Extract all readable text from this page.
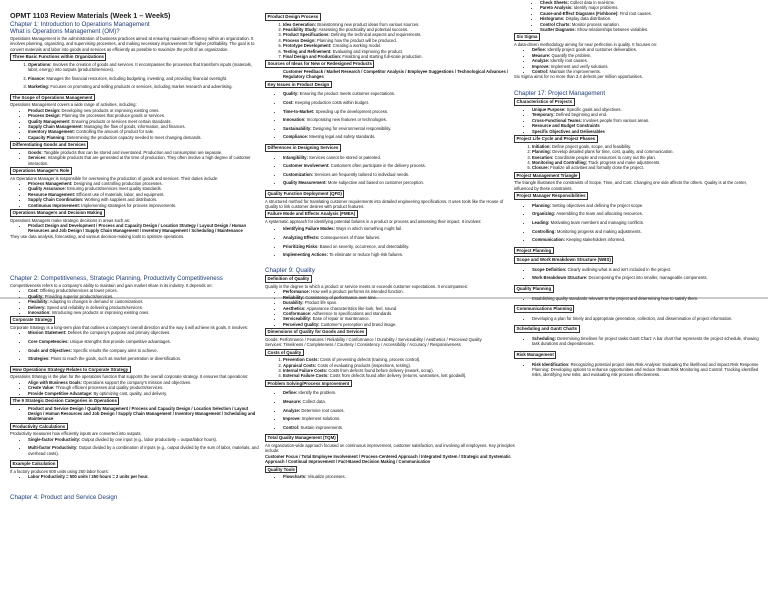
OPMT 1103 Review Materials (Week 1 – Week5)

Chapter 1: Introduction to Operations Management

What is Operations Management (OM)?

Operations Management is the administration of business practices aimed at ensuring maximum efficiency within an organization. It involves planning, organizing, and supervising processes, and making necessary improvements for higher profitability. The goal is to convert materials and labor into goods and services as efficiently as possible to maximize the profit of an organization.

Three Basic Functions within Organizations
1. Operations: Involves the creation of goods and services. It encompasses the processes that transform inputs (materials, labor, energy) into outputs (products/services).
2. Finance: Manages the financial resources, including budgeting, investing, and providing financial oversight.
3. Marketing: Focuses on promoting and selling products or services, including market research and advertising.
The Scope of Operations Management

Operations Management covers a wide range of activities, including:

• Product Design: Developing new products or improving existing ones.
• Process Design: Planning the processes that produce goods or services.
• Quality Management: Ensuring products or services meet certain standards.
• Supply Chain Management: Managing the flow of goods, information, and finances.
• Inventory Management: Controlling the amount of product for sale.
• Capacity Planning: Determining the production capacity needed to meet changing demands.
Differentiating Goods and Services
• Goods: Tangible products that can be stored and inventoried. Production and consumption are separate.
• Services: Intangible products that are generated at the time of production. They often involve a high degree of customer interaction.
Operations Manager’s Role

An Operations Manager is responsible for overseeing the production of goods and services. Their duties include:

• Process Management: Designing and controlling production processes.
• Quality Assurance: Ensuring products/services meet quality standards.
• Resource Management: Efficient use of materials, labor, and equipment.
• Supply Chain Coordination: Working with suppliers and distributors.
• Continuous Improvement: Implementing strategies for process improvements.
Operations Managers and Decision Making

Operations Managers make strategic decisions in areas such as:

• Product Design and Development / Process and Capacity Design / Location Strategy / Layout Design / Human Resources and Job Design / Supply Chain Management / Inventory Management / Scheduling / Maintenance

They use data analysis, forecasting, and various decision-making tools to optimize operations.

Chapter 2: Competitiveness, Strategic Planning, Productivity Competitiveness

Competitiveness refers to a company’s ability to maintain and gain market share in its industry. It depends on:

• Cost: Offering products/services at lower prices.
• Quality: Providing superior products/services.
• Flexibility: Adapting to changes in demand or customizations.
• Delivery: Speed and reliability in delivering products/services.
• Innovation: Introducing new products or improving existing ones.
Corporate Strategy

Corporate Strategy is a long-term plan that outlines a company’s overall direction and the way it will achieve its goals. It involves:

• Mission Statement: Defines the company’s purpose and primary objectives.
• Core Competencies: Unique strengths that provide competitive advantages.
• Goals and Objectives: Specific results the company aims to achieve.
• Strategies: Plans to reach the goals, such as market penetration or diversification.
How Operations Strategy Relates to Corporate Strategy

Operations Strategy is the plan for the operations function that supports the overall corporate strategy. It ensures that operations:

• Align with Business Goals: Operations support the company’s mission and objectives.
• Create Value: Through efficient processes and quality products/services.
• Provide Competitive Advantage: By optimizing cost, quality, and delivery.
The 9 Strategic Decision Categories in Operations
• Product and Service Design / Quality Management / Process and Capacity Design / Location Selection / Layout Design / Human Resources and Job Design / Supply Chain Management / Inventory Management / Scheduling and Maintenance
Productivity Calculations

Productivity measures how efficiently inputs are converted into outputs.

• Single-factor Productivity: Output divided by one input (e.g., labor productivity = output/labor hours).
• Multi-factor Productivity: Output divided by a combination of inputs (e.g., output divided by the sum of labor, materials, and overhead costs).
Example Calculation

If a factory produces 500 units using 250 labor hours:

• Labor Productivity = 500 units / 250 hours = 2 units per hour.

Chapter 4: Product and Service Design

Product Design Process
1. Idea Generation: Brainstorming new product ideas from various sources.
2. Feasibility Study: Assessing the practicality and potential success.
3. Product Specifications: Defining the technical aspects and requirements.
4. Process Design: Planning how the product will be produced.
5. Prototype Development: Creating a working model.
6. Testing and Refinement: Evaluating and improving the product.
7. Final Design and Production: Finalizing and starting full-scale production.
Sources of Ideas for New or Redesigned Products

Customer Feedback / Market Research / Competitor Analysis / Employee Suggestions / Technological Advances / Regulatory Changes

Key Issues in Product Design
• Quality: Ensuring the product meets customer expectations.
• Cost: Keeping production costs within budget.
• Time-to-Market: Speeding up the development process.
• Innovation: Incorporating new features or technologies.
• Sustainability: Designing for environmental responsibility.
• Compliance: Meeting legal and safety standards.
Differences in Designing Services
• Intangibility: Services cannot be stored or patented.
• Customer Involvement: Customers often participate in the delivery process.
• Customization: Services are frequently tailored to individual needs.
• Quality Measurement: More subjective and based on customer perception.
Quality Function Deployment (QFD)

A structured method for translating customer requirements into detailed engineering specifications. It uses tools like the House of Quality to link customer desires with product features.

Failure Mode and Effects Analysis (FMEA)

A systematic approach for identifying potential failures in a product or process and assessing their impact. It involves:

• Identifying Failure Modes: Ways in which something might fail.
• Analyzing Effects: Consequences of those failures.
• Prioritizing Risks: Based on severity, occurrence, and detectability.
• Implementing Actions: To eliminate or reduce high-risk failures.

Chapter 9: Quality

Definition of Quality

Quality is the degree to which a product or service meets or exceeds customer expectations. It encompasses:

• Performance: How well a product performs its intended function.
• Reliability: Consistency of performance over time.
• Durability: Product life span.
• Aesthetics: Appearance characteristics like look, feel, sound.
• Conformance: Adherence to specifications and standards.
• Serviceability: Ease of repair or maintenance.
• Perceived Quality: Customer’s perception and brand image.
Dimensions of Quality for Goods and Services

Goods: Performance / Features / Reliability / Conformance / Durability / Serviceability / Aesthetics / Perceived Quality

Services: Timeliness / Completeness / Courtesy / Consistency / Accessibility / Accuracy / Responsiveness

Costs of Quality
1. Prevention Costs: Costs of preventing defects (training, process control).
2. Appraisal Costs: Costs of evaluating products (inspections, testing).
3. Internal Failure Costs: Costs from defects found before delivery (rework, scrap).
4. External Failure Costs: Costs from defects found after delivery (returns, warranties, lost goodwill).
Problem Solving/Process Improvement
• Define: Identify the problem.
• Measure: Collect data.
• Analyze: Determine root causes.
• Improve: Implement solutions.
• Control: Sustain improvements.
Total Quality Management (TQM)

An organization-wide approach focused on continuous improvement, customer satisfaction, and involving all employees. Key principles include:

Customer Focus / Total Employee Involvement / Process-Centered Approach / Integrated System / Strategic and Systematic Approach / Continual Improvement / Fact-Based Decision Making / Communication

Quality Tools
• Flowcharts: Visualize processes.
• Check Sheets: Collect data in real-time.
• Pareto Analysis: Identify major problems.
• Cause-and-Effect Diagrams (Fishbone): Find root causes.
• Histograms: Display data distribution.
• Control Charts: Monitor process variation.
• Scatter Diagrams: Show relationships between variables.
Six Sigma

A data-driven methodology aiming for near perfection in quality. It focuses on:

• Define: Identify project goals and customer deliverables.
• Measure: Quantify the problem.
• Analyze: Identify root causes.
• Improve: Implement and verify solutions.
• Control: Maintain the improvements.

Six Sigma aims for no more than 3.4 defects per million opportunities.

Chapter 17: Project Management

Characteristics of Projects
• Unique Purpose: Specific goals and objectives.
• Temporary: Defined beginning and end.
• Cross-Functional Teams: Involves people from various areas.
• Resource and Budget Constraints
• Specific Objectives and Deliverables
Project Life Cycle and Project Phases
1. Initiation: Define project goals, scope, and feasibility.
2. Planning: Develop detailed plans for time, cost, quality, and communication.
3. Execution: Coordinate people and resources to carry out the plan.
4. Monitoring and Controlling: Track progress and make adjustments.
5. Closure: Finalize all activities and formally close the project.
Project Management Triangle

The triangle illustrates the constraints of Scope, Time, and Cost. Changing one side affects the others. Quality is at the center, influenced by these constraints.

Project Manager Responsibilities
• Planning: Setting objectives and defining the project scope.
• Organizing: Assembling the team and allocating resources.
• Leading: Motivating team members and managing conflicts.
• Controlling: Monitoring progress and making adjustments.
• Communication: Keeping stakeholders informed.
Project Planning
Scope and Work Breakdown Structure (WBS)
• Scope Definition: Clearly outlining what is and isn’t included in the project.
• Work Breakdown Structure: Decomposing the project into smaller, manageable components.
Quality Planning
• Establishing quality standards relevant to the project and determining how to satisfy them.
Communications Planning
• Developing a plan for timely and appropriate generation, collection, and dissemination of project information.
Scheduling and Gantt Charts
• Scheduling: Determining timelines for project tasks.Gantt Chart: A bar chart that represents the project schedule, showing task durations and dependencies.
Risk Management
• Risk Identification: Recognizing potential project risks.Risk Analysis: Evaluating the likelihood and impact.Risk Response Planning: Developing options to enhance opportunities and reduce threats.Risk Monitoring and Control: Tracking identified risks, identifying new risks, and evaluating risk process effectiveness.
